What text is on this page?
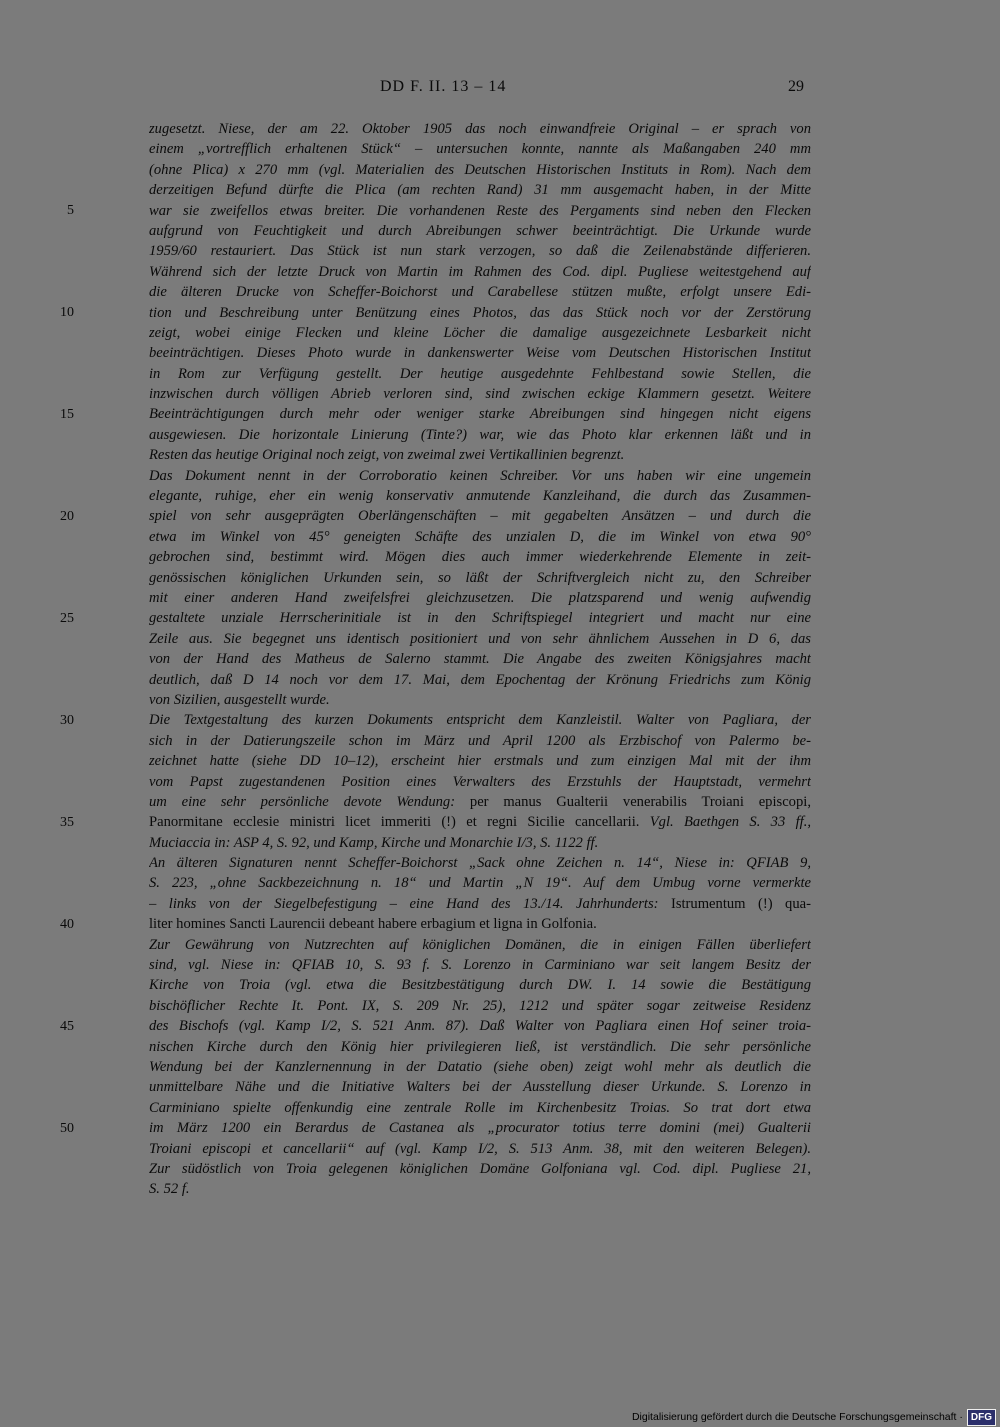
DD F. II. 13 – 14	29
5
10
15
20
25
30
35
40
45
50
zugesetzt. Niese, der am 22. Oktober 1905 das noch einwandfreie Original – er sprach von
einem „vortrefflich erhaltenen Stück“ – untersuchen konnte, nannte als Maßangaben 240 mm
(ohne Plica) x 270 mm (vgl. Materialien des Deutschen Historischen Instituts in Rom). Nach dem
derzeitigen Befund dürfte die Plica (am rechten Rand) 31 mm ausgemacht haben, in der Mitte
war sie zweifellos etwas breiter. Die vorhandenen Reste des Pergaments sind neben den Flecken
aufgrund von Feuchtigkeit und durch Abreibungen schwer beeinträchtigt. Die Urkunde wurde
1959/60 restauriert. Das Stück ist nun stark verzogen, so daß die Zeilenabstände differieren.
Während sich der letzte Druck von Martin im Rahmen des Cod. dipl. Pugliese weitestgehend auf
die älteren Drucke von Scheffer-Boichorst und Carabellese stützen mußte, erfolgt unsere Edi-
tion und Beschreibung unter Benützung eines Photos, das das Stück noch vor der Zerstörung
zeigt, wobei einige Flecken und kleine Löcher die damalige ausgezeichnete Lesbarkeit nicht
beeinträchtigen. Dieses Photo wurde in dankenswerter Weise vom Deutschen Historischen Institut
in Rom zur Verfügung gestellt. Der heutige ausgedehnte Fehlbestand sowie Stellen, die
inzwischen durch völligen Abrieb verloren sind, sind zwischen eckige Klammern gesetzt. Weitere
Beeinträchtigungen durch mehr oder weniger starke Abreibungen sind hingegen nicht eigens
ausgewiesen. Die horizontale Linierung (Tinte?) war, wie das Photo klar erkennen läßt und in
Resten das heutige Original noch zeigt, von zweimal zwei Vertikallinien begrenzt.
Das Dokument nennt in der Corroboratio keinen Schreiber. Vor uns haben wir eine ungemein
elegante, ruhige, eher ein wenig konservativ anmutende Kanzleihand, die durch das Zusammen-
spiel von sehr ausgeprägten Oberlängenschäften – mit gegabelten Ansätzen – und durch die
etwa im Winkel von 45° geneigten Schäfte des unzialen D, die im Winkel von etwa 90°
gebrochen sind, bestimmt wird. Mögen dies auch immer wiederkehrende Elemente in zeit-
genössischen königlichen Urkunden sein, so läßt der Schriftvergleich nicht zu, den Schreiber
mit einer anderen Hand zweifelsfrei gleichzusetzen. Die platzsparend und wenig aufwendig
gestaltete unziale Herrscherinitiale ist in den Schriftspiegel integriert und macht nur eine
Zeile aus. Sie begegnet uns identisch positioniert und von sehr ähnlichem Aussehen in D 6, das
von der Hand des Matheus de Salerno stammt. Die Angabe des zweiten Königsjahres macht
deutlich, daß D 14 noch vor dem 17. Mai, dem Epochentag der Krönung Friedrichs zum König
von Sizilien, ausgestellt wurde.
Die Textgestaltung des kurzen Dokuments entspricht dem Kanzleistil. Walter von Pagliara, der
sich in der Datierungszeile schon im März und April 1200 als Erzbischof von Palermo be-
zeichnet hatte (siehe DD 10–12), erscheint hier erstmals und zum einzigen Mal mit der ihm
vom Papst zugestandenen Position eines Verwalters des Erzstuhls der Hauptstadt, vermehrt
um eine sehr persönliche devote Wendung: per manus Gualterii venerabilis Troiani episcopi,
Panormitane ecclesie ministri licet immeriti (!) et regni Sicilie cancellarii. Vgl. Baethgen S. 33 ff.,
Muciaccia in: ASP 4, S. 92, und Kamp, Kirche und Monarchie I/3, S. 1122 ff.
An älteren Signaturen nennt Scheffer-Boichorst „Sack ohne Zeichen n. 14“, Niese in: QFIAB 9,
S. 223, „ohne Sackbezeichnung n. 18“ und Martin „N 19“. Auf dem Umbug vorne vermerkte
– links von der Siegelbefestigung – eine Hand des 13./14. Jahrhunderts: Istrumentum (!) qua-
liter homines Sancti Laurencii debeant habere erbagium et ligna in Golfonia.
Zur Gewährung von Nutzrechten auf königlichen Domänen, die in einigen Fällen überliefert
sind, vgl. Niese in: QFIAB 10, S. 93 f. S. Lorenzo in Carminiano war seit langem Besitz der
Kirche von Troia (vgl. etwa die Besitzbestätigung durch DW. I. 14 sowie die Bestätigung
bischöflicher Rechte It. Pont. IX, S. 209 Nr. 25), 1212 und später sogar zeitweise Residenz
des Bischofs (vgl. Kamp I/2, S. 521 Anm. 87). Daß Walter von Pagliara einen Hof seiner troia-
nischen Kirche durch den König hier privilegieren ließ, ist verständlich. Die sehr persönliche
Wendung bei der Kanzlernennung in der Datatio (siehe oben) zeigt wohl mehr als deutlich die
unmittelbare Nähe und die Initiative Walters bei der Ausstellung dieser Urkunde. S. Lorenzo in
Carminiano spielte offenkundig eine zentrale Rolle im Kirchenbesitz Troias. So trat dort etwa
im März 1200 ein Berardus de Castanea als „procurator totius terre domini (mei) Gualterii
Troiani episcopi et cancellarii“ auf (vgl. Kamp I/2, S. 513 Anm. 38, mit den weiteren Belegen).
Zur südöstlich von Troia gelegenen königlichen Domäne Golfoniana vgl. Cod. dipl. Pugliese 21,
S. 52 f.
Digitalisierung gefördert durch die Deutsche Forschungsgemeinschaft · DFG
